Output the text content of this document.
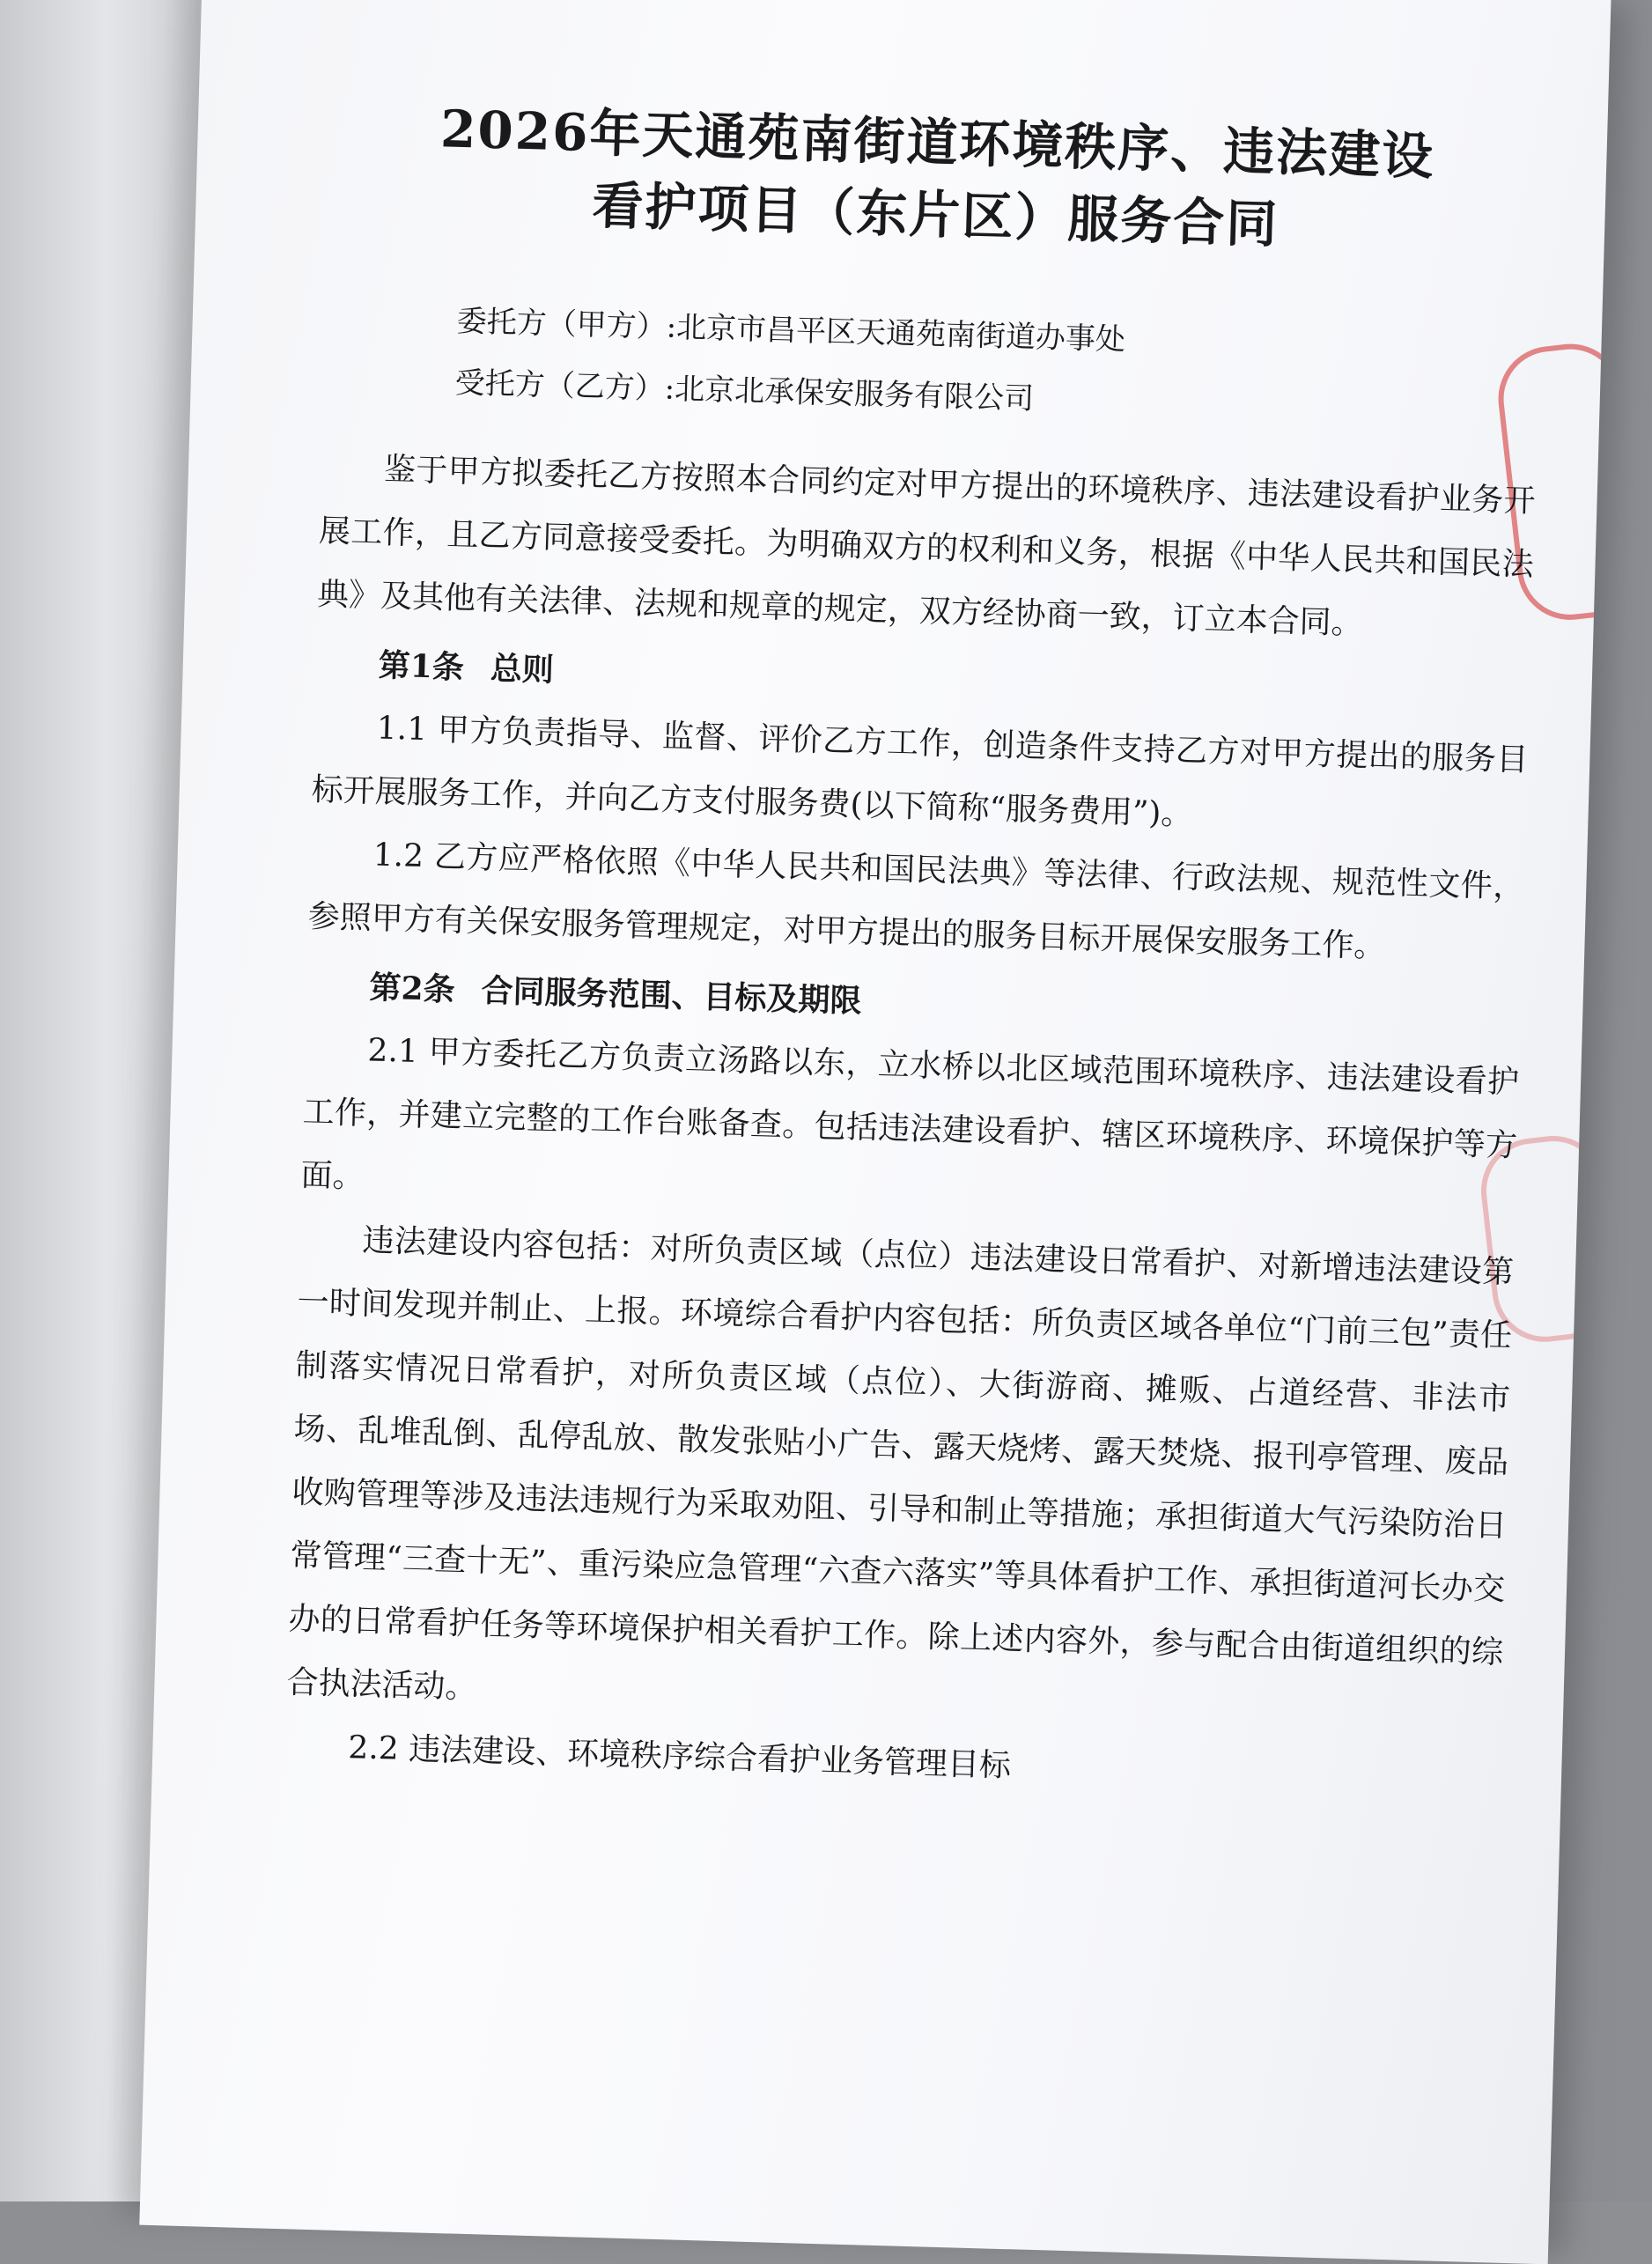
2026年天通苑南街道环境秩序、违法建设
看护项目（东片区）服务合同
委托方（甲方）:北京市昌平区天通苑南街道办事处
受托方（乙方）:北京北承保安服务有限公司

鉴于甲方拟委托乙方按照本合同约定对甲方提出的环境秩序、违法建设看护业务开展工作，且乙方同意接受委托。为明确双方的权利和义务，根据《中华人民共和国民法典》及其他有关法律、法规和规章的规定，双方经协商一致，订立本合同。

第1条 总则

1.1 甲方负责指导、监督、评价乙方工作，创造条件支持乙方对甲方提出的服务目标开展服务工作，并向乙方支付服务费(以下简称“服务费用”)。

1.2 乙方应严格依照《中华人民共和国民法典》等法律、行政法规、规范性文件，参照甲方有关保安服务管理规定，对甲方提出的服务目标开展保安服务工作。

第2条 合同服务范围、目标及期限

2.1 甲方委托乙方负责立汤路以东，立水桥以北区域范围环境秩序、违法建设看护工作，并建立完整的工作台账备查。包括违法建设看护、辖区环境秩序、环境保护等方面。

违法建设内容包括：对所负责区域（点位）违法建设日常看护、对新增违法建设第一时间发现并制止、上报。环境综合看护内容包括：所负责区域各单位“门前三包”责任制落实情况日常看护，对所负责区域（点位）、大街游商、摊贩、占道经营、非法市场、乱堆乱倒、乱停乱放、散发张贴小广告、露天烧烤、露天焚烧、报刊亭管理、废品收购管理等涉及违法违规行为采取劝阻、引导和制止等措施；承担街道大气污染防治日常管理“三查十无”、重污染应急管理“六查六落实”等具体看护工作、承担街道河长办交办的日常看护任务等环境保护相关看护工作。除上述内容外，参与配合由街道组织的综合执法活动。

2.2 违法建设、环境秩序综合看护业务管理目标
